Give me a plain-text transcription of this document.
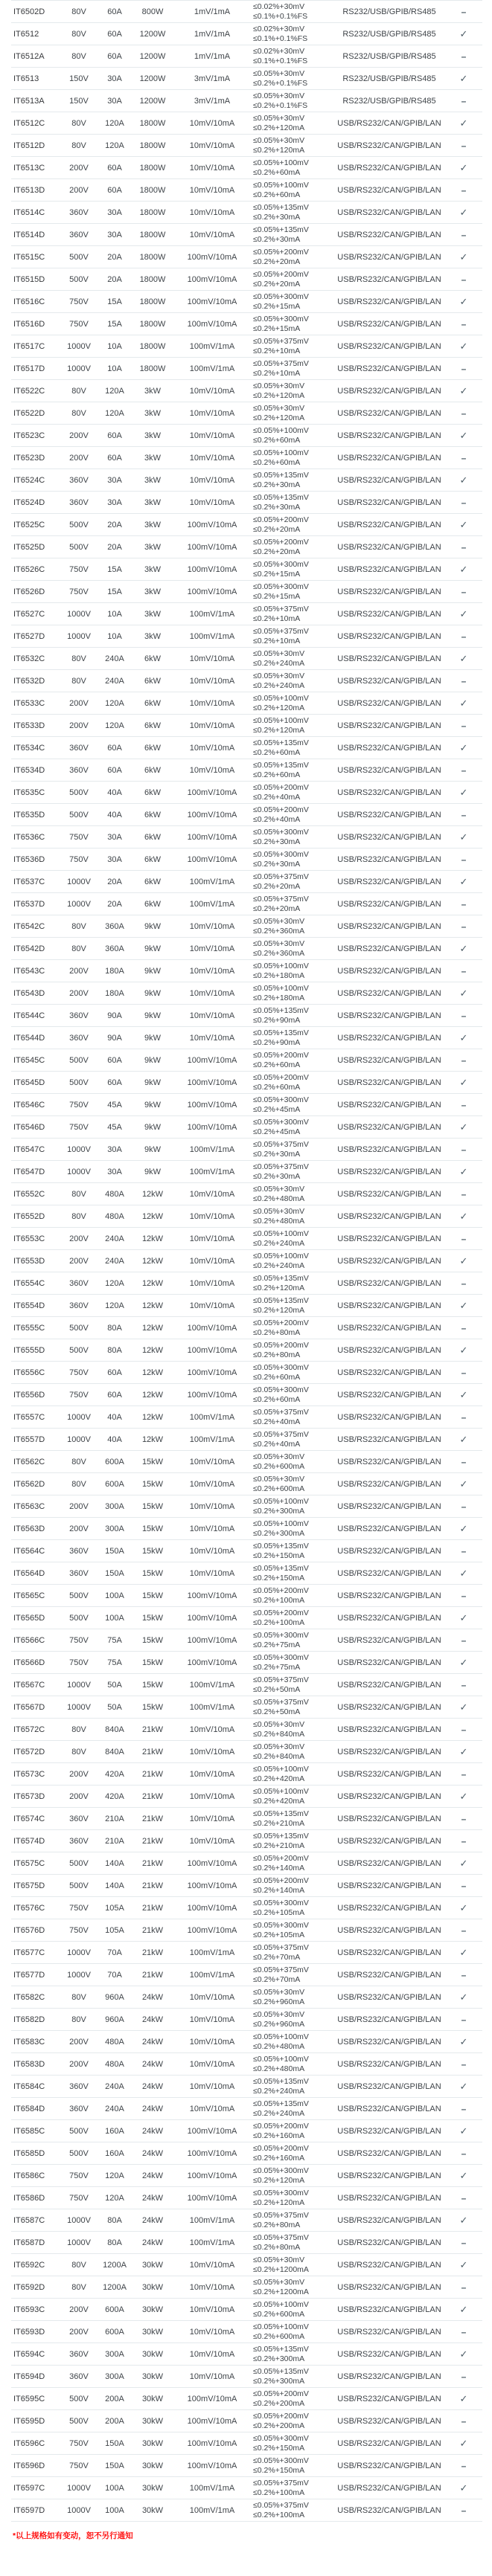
IT6502D	80V	60A	800W	1mV/1mA
≤0.02%+30mV
≤0.1%+0.1%FS	RS232/USB/GPIB/RS485	–
IT6512	80V	60A	1200W	1mV/1mA
≤0.02%+30mV
≤0.1%+0.1%FS	RS232/USB/GPIB/RS485	✓
IT6512A	80V	60A	1200W	1mV/1mA
≤0.02%+30mV
≤0.1%+0.1%FS	RS232/USB/GPIB/RS485	–
IT6513	150V	30A	1200W	3mV/1mA
≤0.05%+30mV
≤0.2%+0.1%FS	RS232/USB/GPIB/RS485	✓
IT6513A	150V	30A	1200W	3mV/1mA
≤0.05%+30mV
≤0.2%+0.1%FS	RS232/USB/GPIB/RS485	–
IT6512C	80V	120A	1800W	10mV/10mA
≤0.05%+30mV
≤0.2%+120mA	USB/RS232/CAN/GPIB/LAN	✓
IT6512D	80V	120A	1800W	10mV/10mA
≤0.05%+30mV
≤0.2%+120mA	USB/RS232/CAN/GPIB/LAN	–
IT6513C	200V	60A	1800W	10mV/10mA
≤0.05%+100mV
≤0.2%+60mA	USB/RS232/CAN/GPIB/LAN	✓
IT6513D	200V	60A	1800W	10mV/10mA
≤0.05%+100mV
≤0.2%+60mA	USB/RS232/CAN/GPIB/LAN	–
IT6514C	360V	30A	1800W	10mV/10mA
≤0.05%+135mV
≤0.2%+30mA	USB/RS232/CAN/GPIB/LAN	✓
IT6514D	360V	30A	1800W	10mV/10mA
≤0.05%+135mV
≤0.2%+30mA	USB/RS232/CAN/GPIB/LAN	–
IT6515C	500V	20A	1800W	100mV/10mA
≤0.05%+200mV
≤0.2%+20mA	USB/RS232/CAN/GPIB/LAN	✓
IT6515D	500V	20A	1800W	100mV/10mA
≤0.05%+200mV
≤0.2%+20mA	USB/RS232/CAN/GPIB/LAN	–
IT6516C	750V	15A	1800W	100mV/10mA
≤0.05%+300mV
≤0.2%+15mA	USB/RS232/CAN/GPIB/LAN	✓
IT6516D	750V	15A	1800W	100mV/10mA
≤0.05%+300mV
≤0.2%+15mA	USB/RS232/CAN/GPIB/LAN	–
IT6517C	1000V	10A	1800W	100mV/1mA
≤0.05%+375mV
≤0.2%+10mA	USB/RS232/CAN/GPIB/LAN	✓
IT6517D	1000V	10A	1800W	100mV/1mA
≤0.05%+375mV
≤0.2%+10mA	USB/RS232/CAN/GPIB/LAN	–
IT6522C	80V	120A	3kW	10mV/10mA
≤0.05%+30mV
≤0.2%+120mA	USB/RS232/CAN/GPIB/LAN	✓
IT6522D	80V	120A	3kW	10mV/10mA
≤0.05%+30mV
≤0.2%+120mA	USB/RS232/CAN/GPIB/LAN	–
IT6523C	200V	60A	3kW	10mV/10mA
≤0.05%+100mV
≤0.2%+60mA	USB/RS232/CAN/GPIB/LAN	✓
IT6523D	200V	60A	3kW	10mV/10mA
≤0.05%+100mV
≤0.2%+60mA	USB/RS232/CAN/GPIB/LAN	–
IT6524C	360V	30A	3kW	10mV/10mA
≤0.05%+135mV
≤0.2%+30mA	USB/RS232/CAN/GPIB/LAN	✓
IT6524D	360V	30A	3kW	10mV/10mA
≤0.05%+135mV
≤0.2%+30mA	USB/RS232/CAN/GPIB/LAN	–
IT6525C	500V	20A	3kW	100mV/10mA
≤0.05%+200mV
≤0.2%+20mA	USB/RS232/CAN/GPIB/LAN	✓
IT6525D	500V	20A	3kW	100mV/10mA
≤0.05%+200mV
≤0.2%+20mA	USB/RS232/CAN/GPIB/LAN	–
IT6526C	750V	15A	3kW	100mV/10mA
≤0.05%+300mV
≤0.2%+15mA	USB/RS232/CAN/GPIB/LAN	✓
IT6526D	750V	15A	3kW	100mV/10mA
≤0.05%+300mV
≤0.2%+15mA	USB/RS232/CAN/GPIB/LAN	–
IT6527C	1000V	10A	3kW	100mV/1mA
≤0.05%+375mV
≤0.2%+10mA	USB/RS232/CAN/GPIB/LAN	✓
IT6527D	1000V	10A	3kW	100mV/1mA
≤0.05%+375mV
≤0.2%+10mA	USB/RS232/CAN/GPIB/LAN	–
IT6532C	80V	240A	6kW	10mV/10mA
≤0.05%+30mV
≤0.2%+240mA	USB/RS232/CAN/GPIB/LAN	✓
IT6532D	80V	240A	6kW	10mV/10mA
≤0.05%+30mV
≤0.2%+240mA	USB/RS232/CAN/GPIB/LAN	–
IT6533C	200V	120A	6kW	10mV/10mA
≤0.05%+100mV
≤0.2%+120mA	USB/RS232/CAN/GPIB/LAN	✓
IT6533D	200V	120A	6kW	10mV/10mA
≤0.05%+100mV
≤0.2%+120mA	USB/RS232/CAN/GPIB/LAN	–
IT6534C	360V	60A	6kW	10mV/10mA
≤0.05%+135mV
≤0.2%+60mA	USB/RS232/CAN/GPIB/LAN	✓
IT6534D	360V	60A	6kW	10mV/10mA
≤0.05%+135mV
≤0.2%+60mA	USB/RS232/CAN/GPIB/LAN	–
IT6535C	500V	40A	6kW	100mV/10mA
≤0.05%+200mV
≤0.2%+40mA	USB/RS232/CAN/GPIB/LAN	✓
IT6535D	500V	40A	6kW	100mV/10mA
≤0.05%+200mV
≤0.2%+40mA	USB/RS232/CAN/GPIB/LAN	–
IT6536C	750V	30A	6kW	100mV/10mA
≤0.05%+300mV
≤0.2%+30mA	USB/RS232/CAN/GPIB/LAN	✓
IT6536D	750V	30A	6kW	100mV/10mA
≤0.05%+300mV
≤0.2%+30mA	USB/RS232/CAN/GPIB/LAN	–
IT6537C	1000V	20A	6kW	100mV/1mA
≤0.05%+375mV
≤0.2%+20mA	USB/RS232/CAN/GPIB/LAN	✓
IT6537D	1000V	20A	6kW	100mV/1mA
≤0.05%+375mV
≤0.2%+20mA	USB/RS232/CAN/GPIB/LAN	–
IT6542C	80V	360A	9kW	10mV/10mA
≤0.05%+30mV
≤0.2%+360mA	USB/RS232/CAN/GPIB/LAN	–
IT6542D	80V	360A	9kW	10mV/10mA
≤0.05%+30mV
≤0.2%+360mA	USB/RS232/CAN/GPIB/LAN	✓
IT6543C	200V	180A	9kW	10mV/10mA
≤0.05%+100mV
≤0.2%+180mA	USB/RS232/CAN/GPIB/LAN	–
IT6543D	200V	180A	9kW	10mV/10mA
≤0.05%+100mV
≤0.2%+180mA	USB/RS232/CAN/GPIB/LAN	✓
IT6544C	360V	90A	9kW	10mV/10mA
≤0.05%+135mV
≤0.2%+90mA	USB/RS232/CAN/GPIB/LAN	–
IT6544D	360V	90A	9kW	10mV/10mA
≤0.05%+135mV
≤0.2%+90mA	USB/RS232/CAN/GPIB/LAN	✓
IT6545C	500V	60A	9kW	100mV/10mA
≤0.05%+200mV
≤0.2%+60mA	USB/RS232/CAN/GPIB/LAN	–
IT6545D	500V	60A	9kW	100mV/10mA
≤0.05%+200mV
≤0.2%+60mA	USB/RS232/CAN/GPIB/LAN	✓
IT6546C	750V	45A	9kW	100mV/10mA
≤0.05%+300mV
≤0.2%+45mA	USB/RS232/CAN/GPIB/LAN	–
IT6546D	750V	45A	9kW	100mV/10mA
≤0.05%+300mV
≤0.2%+45mA	USB/RS232/CAN/GPIB/LAN	✓
IT6547C	1000V	30A	9kW	100mV/1mA
≤0.05%+375mV
≤0.2%+30mA	USB/RS232/CAN/GPIB/LAN	–
IT6547D	1000V	30A	9kW	100mV/1mA
≤0.05%+375mV
≤0.2%+30mA	USB/RS232/CAN/GPIB/LAN	✓
IT6552C	80V	480A	12kW	10mV/10mA
≤0.05%+30mV
≤0.2%+480mA	USB/RS232/CAN/GPIB/LAN	–
IT6552D	80V	480A	12kW	10mV/10mA
≤0.05%+30mV
≤0.2%+480mA	USB/RS232/CAN/GPIB/LAN	✓
IT6553C	200V	240A	12kW	10mV/10mA
≤0.05%+100mV
≤0.2%+240mA	USB/RS232/CAN/GPIB/LAN	–
IT6553D	200V	240A	12kW	10mV/10mA
≤0.05%+100mV
≤0.2%+240mA	USB/RS232/CAN/GPIB/LAN	✓
IT6554C	360V	120A	12kW	10mV/10mA
≤0.05%+135mV
≤0.2%+120mA	USB/RS232/CAN/GPIB/LAN	–
IT6554D	360V	120A	12kW	10mV/10mA
≤0.05%+135mV
≤0.2%+120mA	USB/RS232/CAN/GPIB/LAN	✓
IT6555C	500V	80A	12kW	100mV/10mA
≤0.05%+200mV
≤0.2%+80mA	USB/RS232/CAN/GPIB/LAN	–
IT6555D	500V	80A	12kW	100mV/10mA
≤0.05%+200mV
≤0.2%+80mA	USB/RS232/CAN/GPIB/LAN	✓
IT6556C	750V	60A	12kW	100mV/10mA
≤0.05%+300mV
≤0.2%+60mA	USB/RS232/CAN/GPIB/LAN	–
IT6556D	750V	60A	12kW	100mV/10mA
≤0.05%+300mV
≤0.2%+60mA	USB/RS232/CAN/GPIB/LAN	✓
IT6557C	1000V	40A	12kW	100mV/1mA
≤0.05%+375mV
≤0.2%+40mA	USB/RS232/CAN/GPIB/LAN	–
IT6557D	1000V	40A	12kW	100mV/1mA
≤0.05%+375mV
≤0.2%+40mA	USB/RS232/CAN/GPIB/LAN	✓
IT6562C	80V	600A	15kW	10mV/10mA
≤0.05%+30mV
≤0.2%+600mA	USB/RS232/CAN/GPIB/LAN	–
IT6562D	80V	600A	15kW	10mV/10mA
≤0.05%+30mV
≤0.2%+600mA	USB/RS232/CAN/GPIB/LAN	✓
IT6563C	200V	300A	15kW	10mV/10mA
≤0.05%+100mV
≤0.2%+300mA	USB/RS232/CAN/GPIB/LAN	–
IT6563D	200V	300A	15kW	10mV/10mA
≤0.05%+100mV
≤0.2%+300mA	USB/RS232/CAN/GPIB/LAN	✓
IT6564C	360V	150A	15kW	10mV/10mA
≤0.05%+135mV
≤0.2%+150mA	USB/RS232/CAN/GPIB/LAN	–
IT6564D	360V	150A	15kW	10mV/10mA
≤0.05%+135mV
≤0.2%+150mA	USB/RS232/CAN/GPIB/LAN	✓
IT6565C	500V	100A	15kW	100mV/10mA
≤0.05%+200mV
≤0.2%+100mA	USB/RS232/CAN/GPIB/LAN	–
IT6565D	500V	100A	15kW	100mV/10mA
≤0.05%+200mV
≤0.2%+100mA	USB/RS232/CAN/GPIB/LAN	✓
IT6566C	750V	75A	15kW	100mV/10mA
≤0.05%+300mV
≤0.2%+75mA	USB/RS232/CAN/GPIB/LAN	–
IT6566D	750V	75A	15kW	100mV/10mA
≤0.05%+300mV
≤0.2%+75mA	USB/RS232/CAN/GPIB/LAN	✓
IT6567C	1000V	50A	15kW	100mV/1mA
≤0.05%+375mV
≤0.2%+50mA	USB/RS232/CAN/GPIB/LAN	–
IT6567D	1000V	50A	15kW	100mV/1mA
≤0.05%+375mV
≤0.2%+50mA	USB/RS232/CAN/GPIB/LAN	✓
IT6572C	80V	840A	21kW	10mV/10mA
≤0.05%+30mV
≤0.2%+840mA	USB/RS232/CAN/GPIB/LAN	–
IT6572D	80V	840A	21kW	10mV/10mA
≤0.05%+30mV
≤0.2%+840mA	USB/RS232/CAN/GPIB/LAN	✓
IT6573C	200V	420A	21kW	10mV/10mA
≤0.05%+100mV
≤0.2%+420mA	USB/RS232/CAN/GPIB/LAN	–
IT6573D	200V	420A	21kW	10mV/10mA
≤0.05%+100mV
≤0.2%+420mA	USB/RS232/CAN/GPIB/LAN	✓
IT6574C	360V	210A	21kW	10mV/10mA
≤0.05%+135mV
≤0.2%+210mA	USB/RS232/CAN/GPIB/LAN	–
IT6574D	360V	210A	21kW	10mV/10mA
≤0.05%+135mV
≤0.2%+210mA	USB/RS232/CAN/GPIB/LAN	–
IT6575C	500V	140A	21kW	100mV/10mA
≤0.05%+200mV
≤0.2%+140mA	USB/RS232/CAN/GPIB/LAN	✓
IT6575D	500V	140A	21kW	100mV/10mA
≤0.05%+200mV
≤0.2%+140mA	USB/RS232/CAN/GPIB/LAN	–
IT6576C	750V	105A	21kW	100mV/10mA
≤0.05%+300mV
≤0.2%+105mA	USB/RS232/CAN/GPIB/LAN	✓
IT6576D	750V	105A	21kW	100mV/10mA
≤0.05%+300mV
≤0.2%+105mA	USB/RS232/CAN/GPIB/LAN	–
IT6577C	1000V	70A	21kW	100mV/1mA
≤0.05%+375mV
≤0.2%+70mA	USB/RS232/CAN/GPIB/LAN	✓
IT6577D	1000V	70A	21kW	100mV/1mA
≤0.05%+375mV
≤0.2%+70mA	USB/RS232/CAN/GPIB/LAN	–
IT6582C	80V	960A	24kW	10mV/10mA
≤0.05%+30mV
≤0.2%+960mA	USB/RS232/CAN/GPIB/LAN	✓
IT6582D	80V	960A	24kW	10mV/10mA
≤0.05%+30mV
≤0.2%+960mA	USB/RS232/CAN/GPIB/LAN	–
IT6583C	200V	480A	24kW	10mV/10mA
≤0.05%+100mV
≤0.2%+480mA	USB/RS232/CAN/GPIB/LAN	✓
IT6583D	200V	480A	24kW	10mV/10mA
≤0.05%+100mV
≤0.2%+480mA	USB/RS232/CAN/GPIB/LAN	–
IT6584C	360V	240A	24kW	10mV/10mA
≤0.05%+135mV
≤0.2%+240mA	USB/RS232/CAN/GPIB/LAN	✓
IT6584D	360V	240A	24kW	10mV/10mA
≤0.05%+135mV
≤0.2%+240mA	USB/RS232/CAN/GPIB/LAN	–
IT6585C	500V	160A	24kW	100mV/10mA
≤0.05%+200mV
≤0.2%+160mA	USB/RS232/CAN/GPIB/LAN	✓
IT6585D	500V	160A	24kW	100mV/10mA
≤0.05%+200mV
≤0.2%+160mA	USB/RS232/CAN/GPIB/LAN	–
IT6586C	750V	120A	24kW	100mV/10mA
≤0.05%+300mV
≤0.2%+120mA	USB/RS232/CAN/GPIB/LAN	✓
IT6586D	750V	120A	24kW	100mV/10mA
≤0.05%+300mV
≤0.2%+120mA	USB/RS232/CAN/GPIB/LAN	–
IT6587C	1000V	80A	24kW	100mV/1mA
≤0.05%+375mV
≤0.2%+80mA	USB/RS232/CAN/GPIB/LAN	✓
IT6587D	1000V	80A	24kW	100mV/1mA
≤0.05%+375mV
≤0.2%+80mA	USB/RS232/CAN/GPIB/LAN	–
IT6592C	80V	1200A	30kW	10mV/10mA
≤0.05%+30mV
≤0.2%+1200mA	USB/RS232/CAN/GPIB/LAN	✓
IT6592D	80V	1200A	30kW	10mV/10mA
≤0.05%+30mV
≤0.2%+1200mA	USB/RS232/CAN/GPIB/LAN	–
IT6593C	200V	600A	30kW	10mV/10mA
≤0.05%+100mV
≤0.2%+600mA	USB/RS232/CAN/GPIB/LAN	✓
IT6593D	200V	600A	30kW	10mV/10mA
≤0.05%+100mV
≤0.2%+600mA	USB/RS232/CAN/GPIB/LAN	–
IT6594C	360V	300A	30kW	10mV/10mA
≤0.05%+135mV
≤0.2%+300mA	USB/RS232/CAN/GPIB/LAN	✓
IT6594D	360V	300A	30kW	10mV/10mA
≤0.05%+135mV
≤0.2%+300mA	USB/RS232/CAN/GPIB/LAN	–
IT6595C	500V	200A	30kW	100mV/10mA
≤0.05%+200mV
≤0.2%+200mA	USB/RS232/CAN/GPIB/LAN	✓
IT6595D	500V	200A	30kW	100mV/10mA
≤0.05%+200mV
≤0.2%+200mA	USB/RS232/CAN/GPIB/LAN	–
IT6596C	750V	150A	30kW	100mV/10mA
≤0.05%+300mV
≤0.2%+150mA	USB/RS232/CAN/GPIB/LAN	✓
IT6596D	750V	150A	30kW	100mV/10mA
≤0.05%+300mV
≤0.2%+150mA	USB/RS232/CAN/GPIB/LAN	–
IT6597C	1000V	100A	30kW	100mV/1mA
≤0.05%+375mV
≤0.2%+100mA	USB/RS232/CAN/GPIB/LAN	✓
IT6597D	1000V	100A	30kW	100mV/1mA
≤0.05%+375mV
≤0.2%+100mA	USB/RS232/CAN/GPIB/LAN	–
*以上规格如有变动，恕不另行通知
